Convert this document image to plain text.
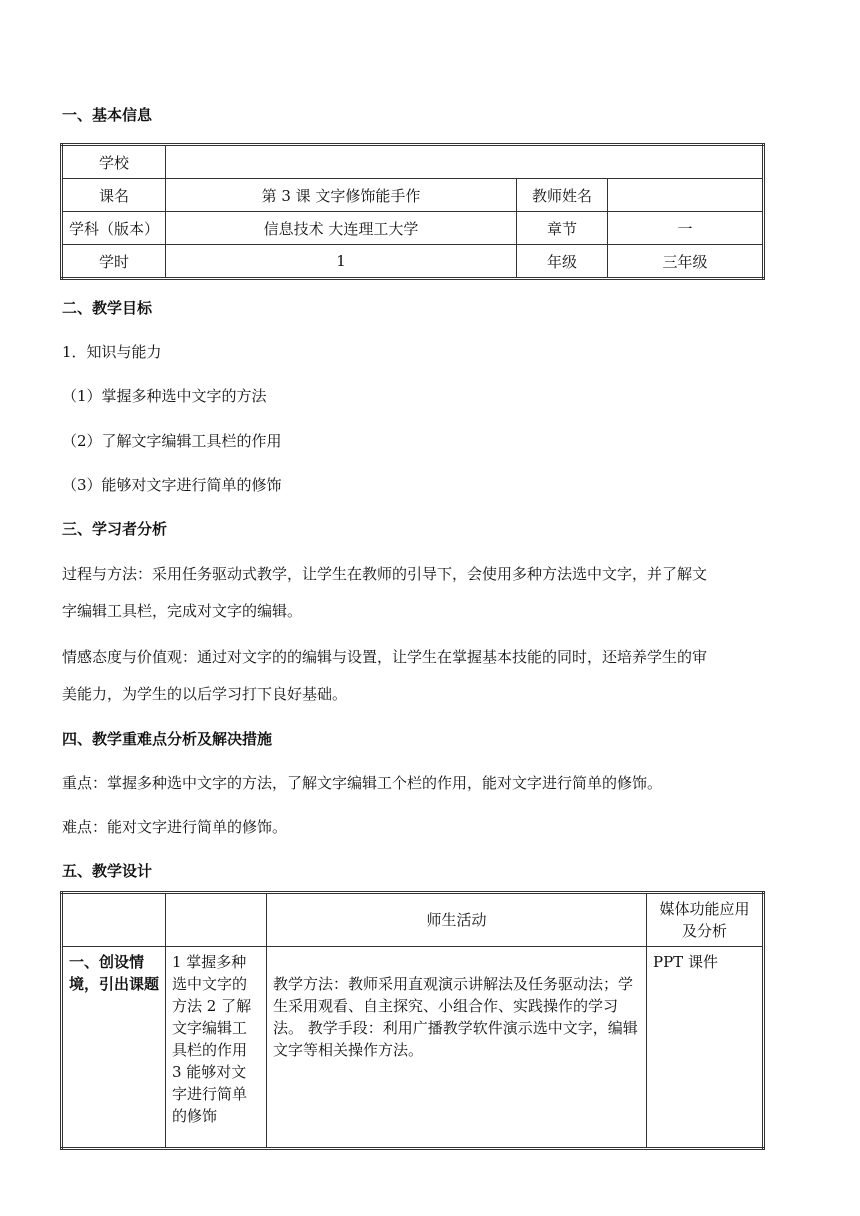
一、基本信息
学校			
课名	第 3 课 文字修饰能手作	教师姓名	
学科（版本）	信息技术 大连理工大学	章节	一
学时	1	年级	三年级
二、教学目标
1．知识与能力
（1）掌握多种选中文字的方法
（2）了解文字编辑工具栏的作用
（3）能够对文字进行简单的修饰
三、学习者分析
过程与方法：采用任务驱动式教学，让学生在教师的引导下，会使用多种方法选中文字，并了解文
字编辑工具栏，完成对文字的编辑。
情感态度与价值观：通过对文字的的编辑与设置，让学生在掌握基本技能的同时，还培养学生的审
美能力，为学生的以后学习打下良好基础。
四、教学重难点分析及解决措施
重点：掌握多种选中文字的方法，了解文字编辑工个栏的作用，能对文字进行简单的修饰。
难点：能对文字进行简单的修饰。
五、教学设计
		师生活动	媒体功能应用及分析
一、创设情境，引出课题	1 掌握多种选中文字的方法 2 了解文字编辑工具栏的作用 3 能够对文字进行简单的修饰	教学方法：教师采用直观演示讲解法及任务驱动法；学生采用观看、自主探究、小组合作、实践操作的学习法。 教学手段：利用广播教学软件演示选中文字，编辑文字等相关操作方法。	PPT 课件
